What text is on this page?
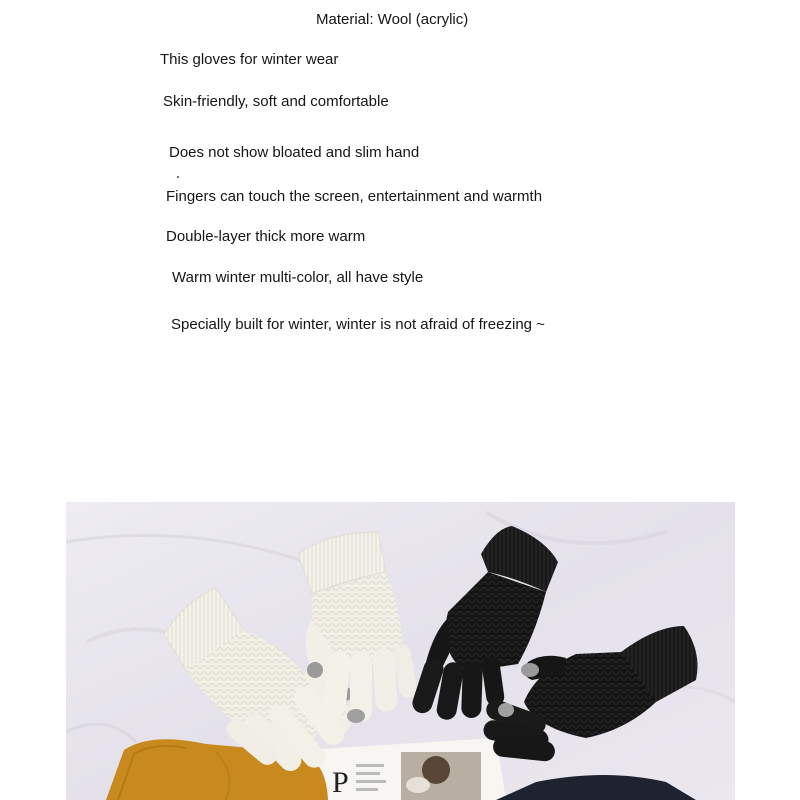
Material: Wool (acrylic)
This gloves for winter wear
Skin-friendly, soft and comfortable
Does not show bloated and slim hand
Fingers can touch the screen, entertainment and warmth
Double-layer thick more warm
Warm winter multi-color, all have style
Specially built for winter, winter is not afraid of freezing ~
P
